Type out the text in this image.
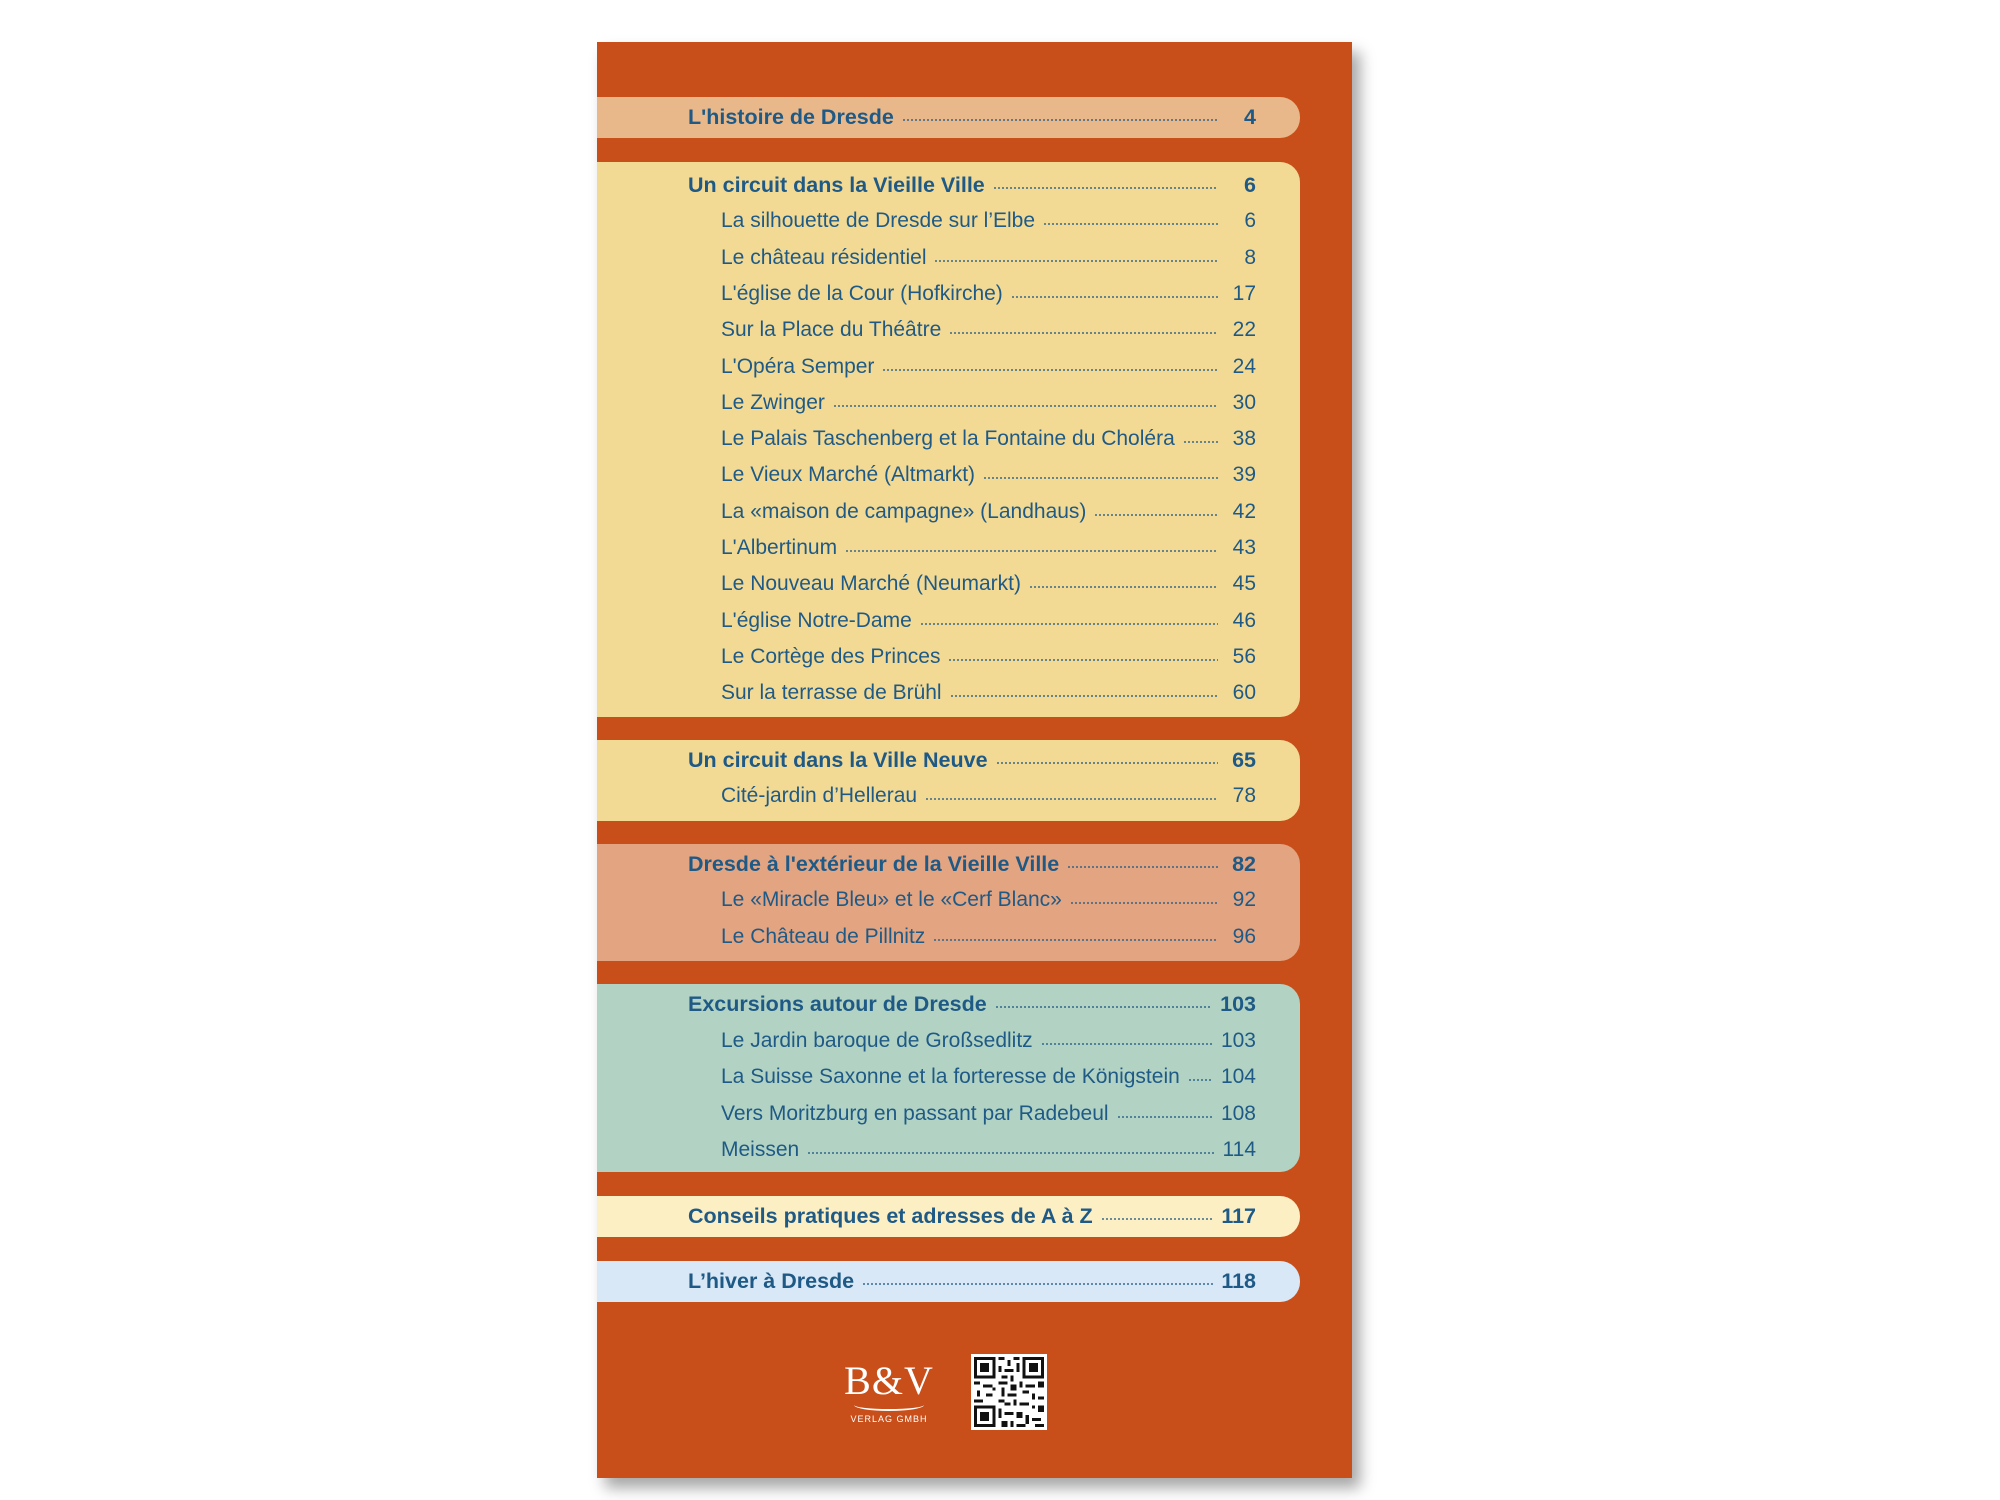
L'histoire de Dresde	4
Un circuit dans la Vieille Ville	6
La silhouette de Dresde sur l’Elbe	6
Le château résidentiel	8
L'église de la Cour (Hofkirche)	17
Sur la Place du Théâtre	22
L'Opéra Semper	24
Le Zwinger	30
Le Palais Taschenberg et la Fontaine du Choléra	38
Le Vieux Marché (Altmarkt)	39
La «maison de campagne» (Landhaus)	42
L'Albertinum	43
Le Nouveau Marché (Neumarkt)	45
L'église Notre-Dame	46
Le Cortège des Princes	56
Sur la terrasse de Brühl	60
Un circuit dans la Ville Neuve	65
Cité-jardin d’Hellerau	78
Dresde à l'extérieur de la Vieille Ville	82
Le «Miracle Bleu» et le «Cerf Blanc»	92
Le Château de Pillnitz	96
Excursions autour de Dresde	103
Le Jardin baroque de Großsedlitz	103
La Suisse Saxonne et la forteresse de Königstein 104
Vers Moritzburg en passant par Radebeul	108
Meissen	114
Conseils pratiques et adresses de A à Z	117
L’hiver à Dresde	118
B&V
VERLAG GMBH
